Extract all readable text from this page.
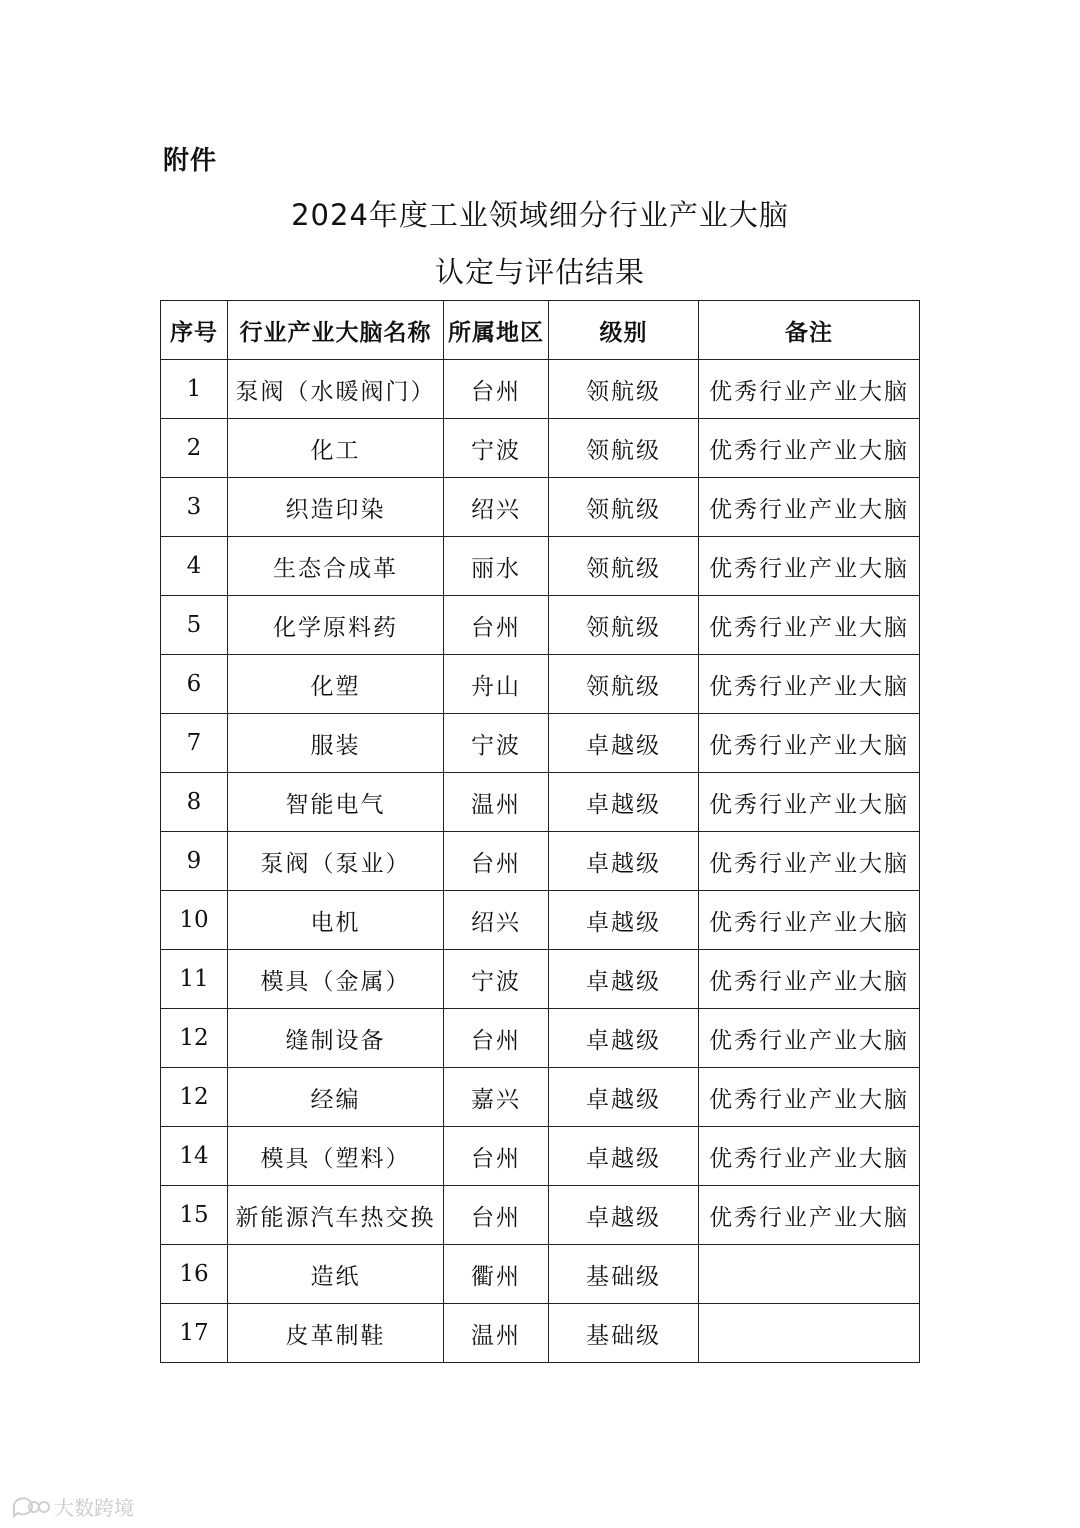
附件
2024年度工业领域细分行业产业大脑
认定与评估结果
序号	行业产业大脑名称	所属地区	级别	备注
1	泵阀（水暖阀门）	台州	领航级	优秀行业产业大脑
2	化工	宁波	领航级	优秀行业产业大脑
3	织造印染	绍兴	领航级	优秀行业产业大脑
4	生态合成革	丽水	领航级	优秀行业产业大脑
5	化学原料药	台州	领航级	优秀行业产业大脑
6	化塑	舟山	领航级	优秀行业产业大脑
7	服装	宁波	卓越级	优秀行业产业大脑
8	智能电气	温州	卓越级	优秀行业产业大脑
9	泵阀（泵业）	台州	卓越级	优秀行业产业大脑
10	电机	绍兴	卓越级	优秀行业产业大脑
11	模具（金属）	宁波	卓越级	优秀行业产业大脑
12	缝制设备	台州	卓越级	优秀行业产业大脑
12	经编	嘉兴	卓越级	优秀行业产业大脑
14	模具（塑料）	台州	卓越级	优秀行业产业大脑
15	新能源汽车热交换	台州	卓越级	优秀行业产业大脑
16	造纸	衢州	基础级	
17	皮革制鞋	温州	基础级	
大数跨境
